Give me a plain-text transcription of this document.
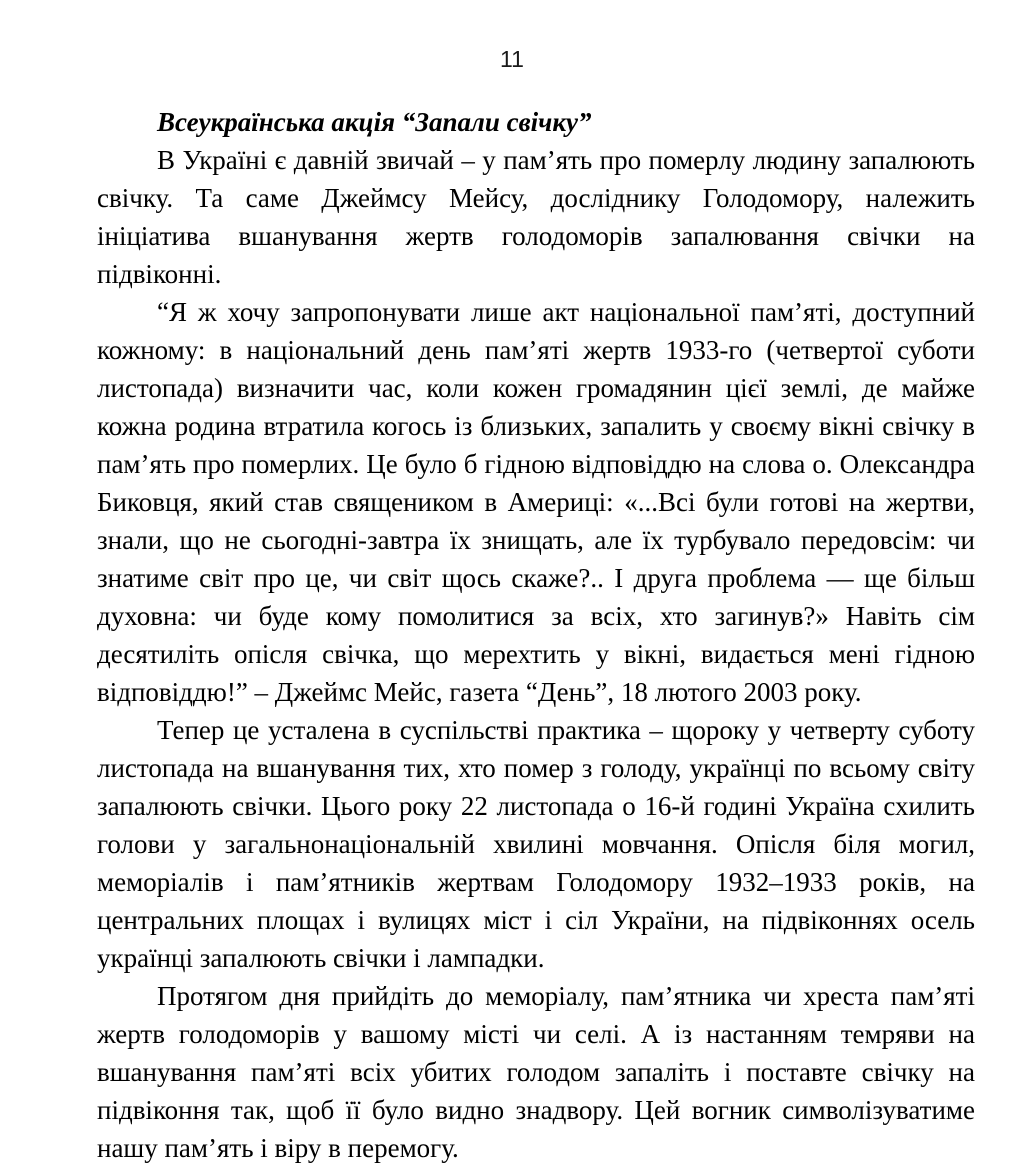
11
Всеукраїнська акція “Запали свічку”

В Україні є давній звичай – у пам’ять про померлу людину запалюють свічку. Та саме Джеймсу Мейсу, досліднику Голодомору, належить ініціатива вшанування жертв голодоморів запалювання свічки на підвіконні.

“Я ж хочу запропонувати лише акт національної пам’яті, доступний кожному: в національний день пам’яті жертв 1933-го (четвертої суботи листопада) визначити час, коли кожен громадянин цієї землі, де майже кожна родина втратила когось із близьких, запалить у своєму вікні свічку в пам’ять про померлих. Це було б гідною відповіддю на слова о. Олександра Биковця, який став священиком в Америці: «...Всі були готові на жертви, знали, що не сьогодні-завтра їх знищать, але їх турбувало передовсім: чи знатиме світ про це, чи світ щось скаже?.. І друга проблема — ще більш духовна: чи буде кому помолитися за всіх, хто загинув?» Навіть сім десятиліть опісля свічка, що мерехтить у вікні, видається мені гідною відповіддю!” – Джеймс Мейс, газета “День”, 18 лютого 2003 року.

Тепер це усталена в суспільстві практика – щороку у четверту суботу листопада на вшанування тих, хто помер з голоду, українці по всьому світу запалюють свічки. Цього року 22 листопада о 16-й годині Україна схилить голови у загальнонаціональній хвилині мовчання. Опісля біля могил, меморіалів і пам’ятників жертвам Голодомору 1932–1933 років, на центральних площах і вулицях міст і сіл України, на підвіконнях осель українці запалюють свічки і лампадки.

Протягом дня прийдіть до меморіалу, пам’ятника чи хреста пам’яті жертв голодоморів у вашому місті чи селі. А із настанням темряви на вшанування пам’яті всіх убитих голодом запаліть і поставте свічку на підвіконня так, щоб її було видно знадвору. Цей вогник символізуватиме нашу пам’ять і віру в перемогу.
